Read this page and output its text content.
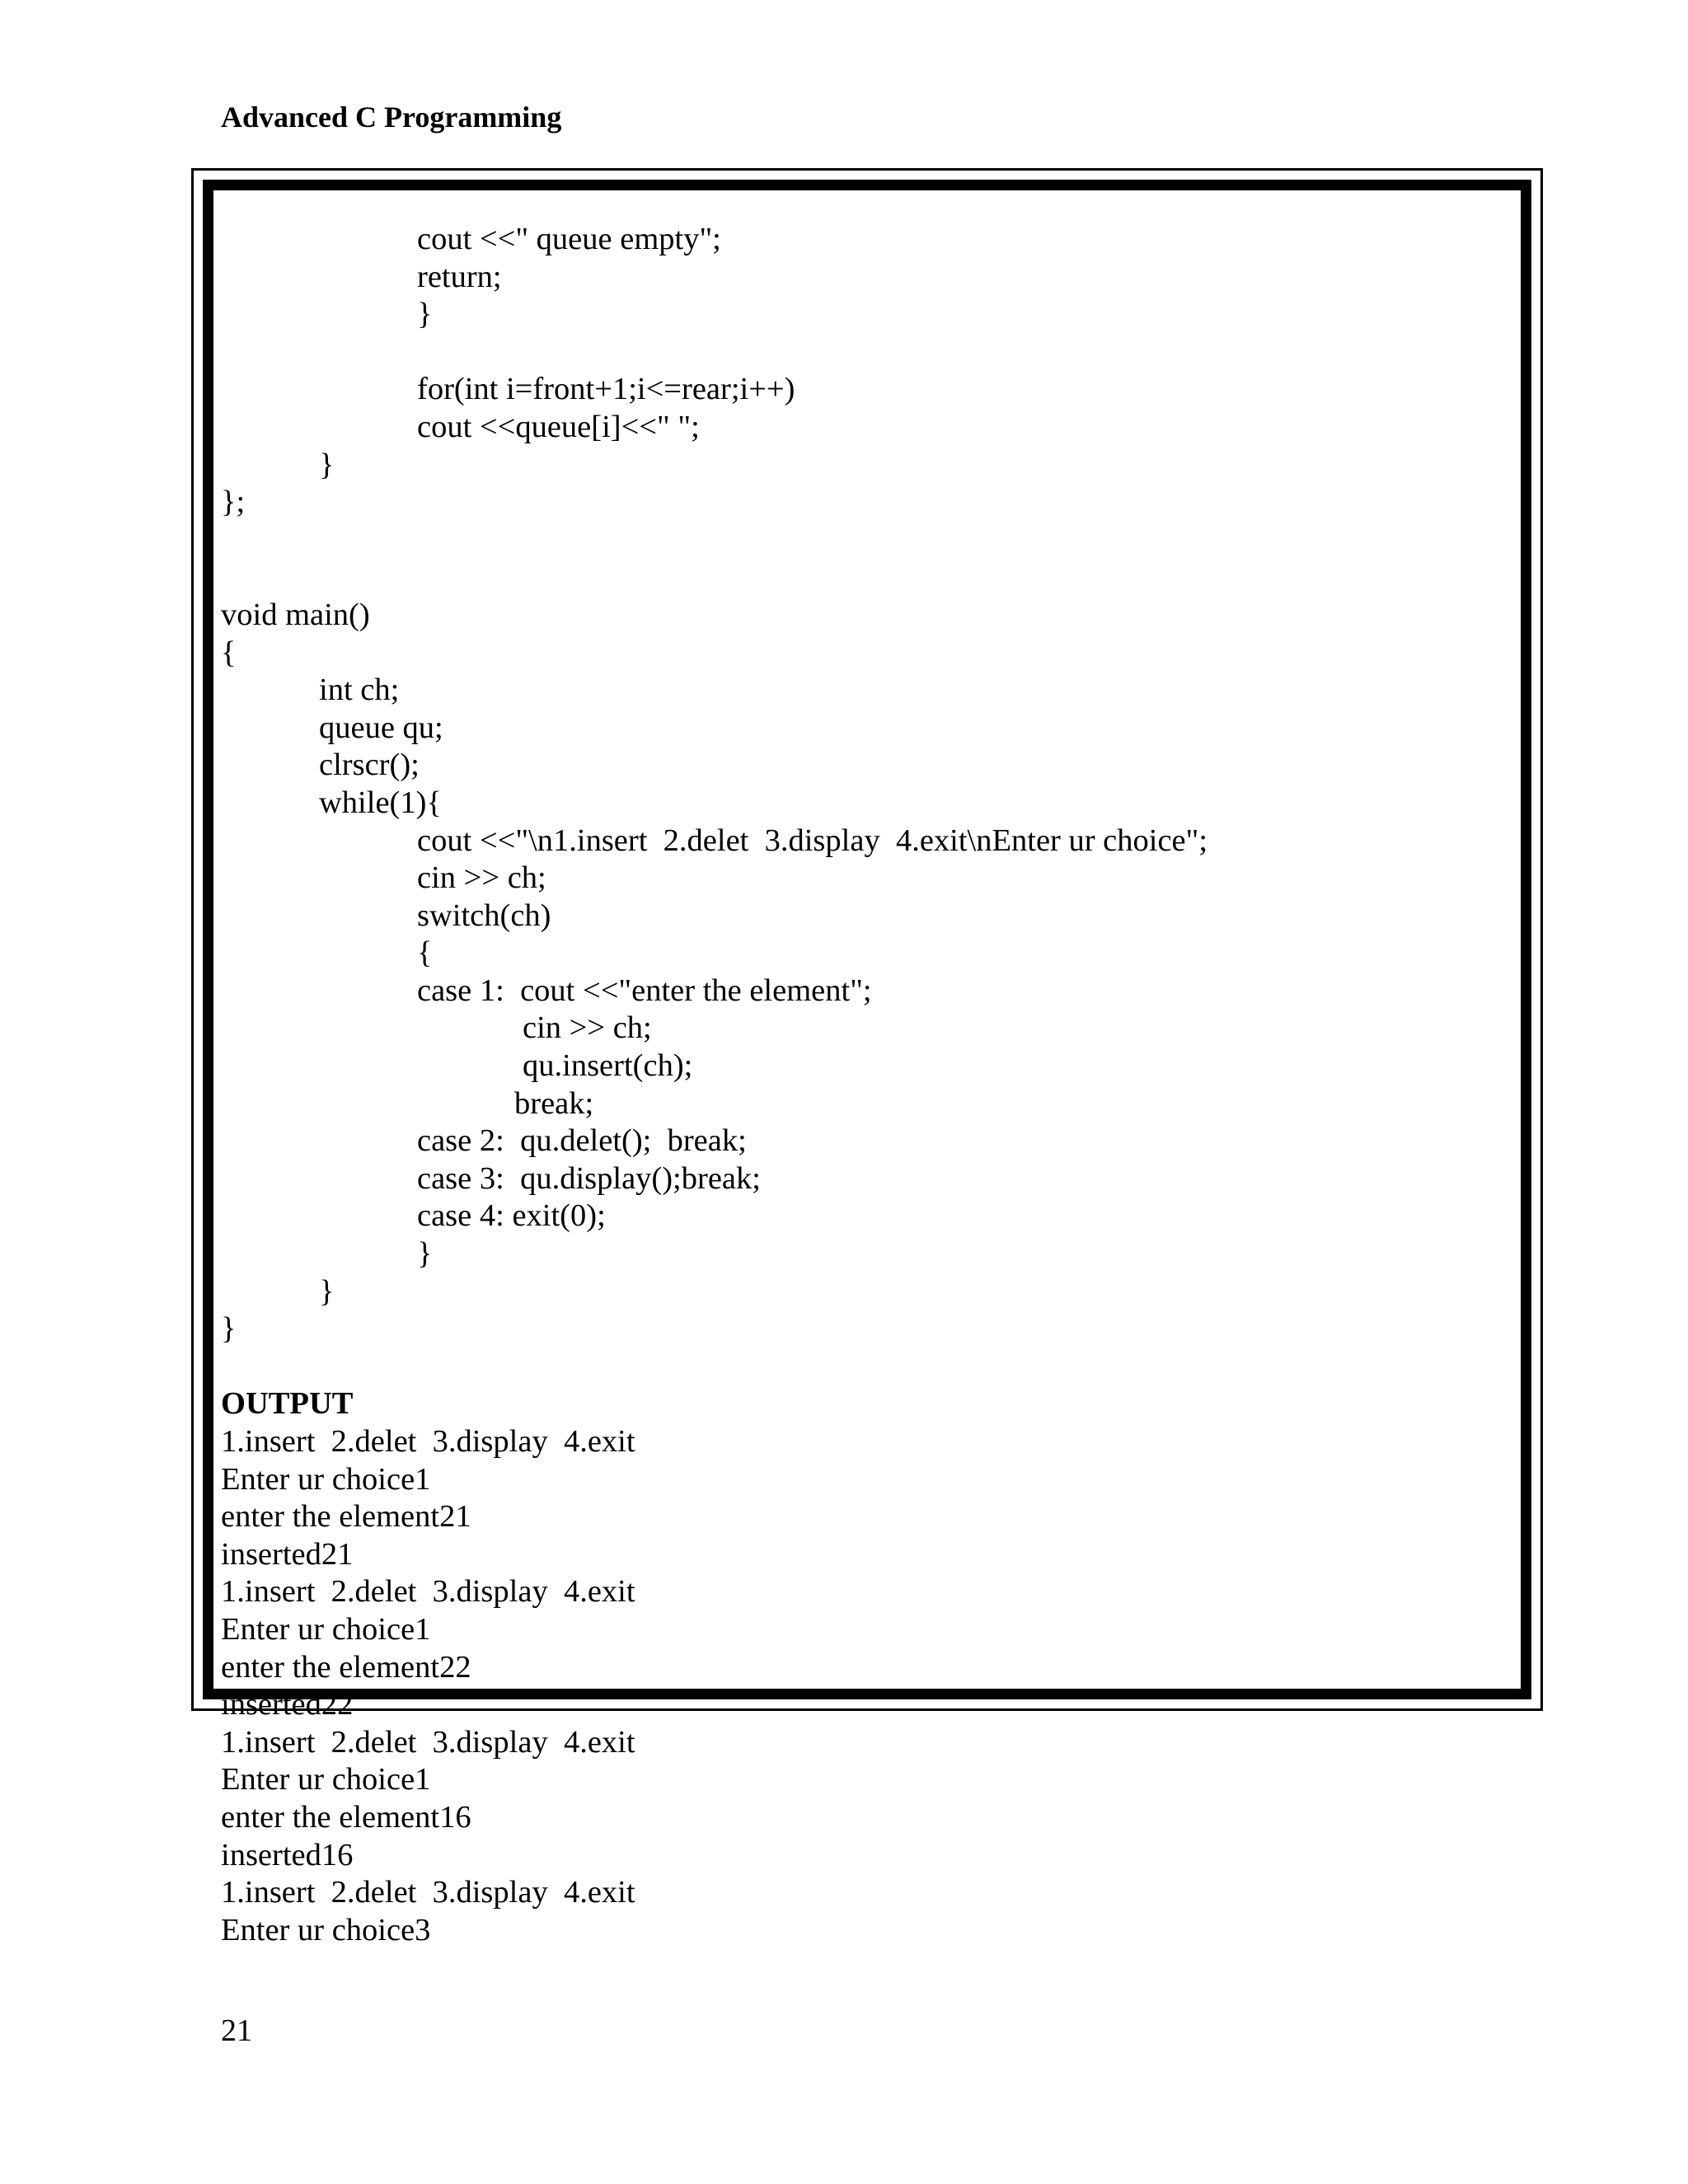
Advanced C Programming
cout <<" queue empty";
return;
}
for(int i=front+1;i<=rear;i++)
cout <<queue[i]<<" ";
}
};
void main()
{
int ch;
queue qu;
clrscr();
while(1){
cout <<"\n1.insert  2.delet  3.display  4.exit\nEnter ur choice";
cin >> ch;
switch(ch)
{
case 1:  cout <<"enter the element";
cin >> ch;
qu.insert(ch);
break;
case 2:  qu.delet();  break;
case 3:  qu.display();break;
case 4: exit(0);
}
}
}
OUTPUT
1.insert  2.delet  3.display  4.exit
Enter ur choice1
enter the element21
inserted21
1.insert  2.delet  3.display  4.exit
Enter ur choice1
enter the element22
inserted22
1.insert  2.delet  3.display  4.exit
Enter ur choice1
enter the element16
inserted16
1.insert  2.delet  3.display  4.exit
Enter ur choice3
21
